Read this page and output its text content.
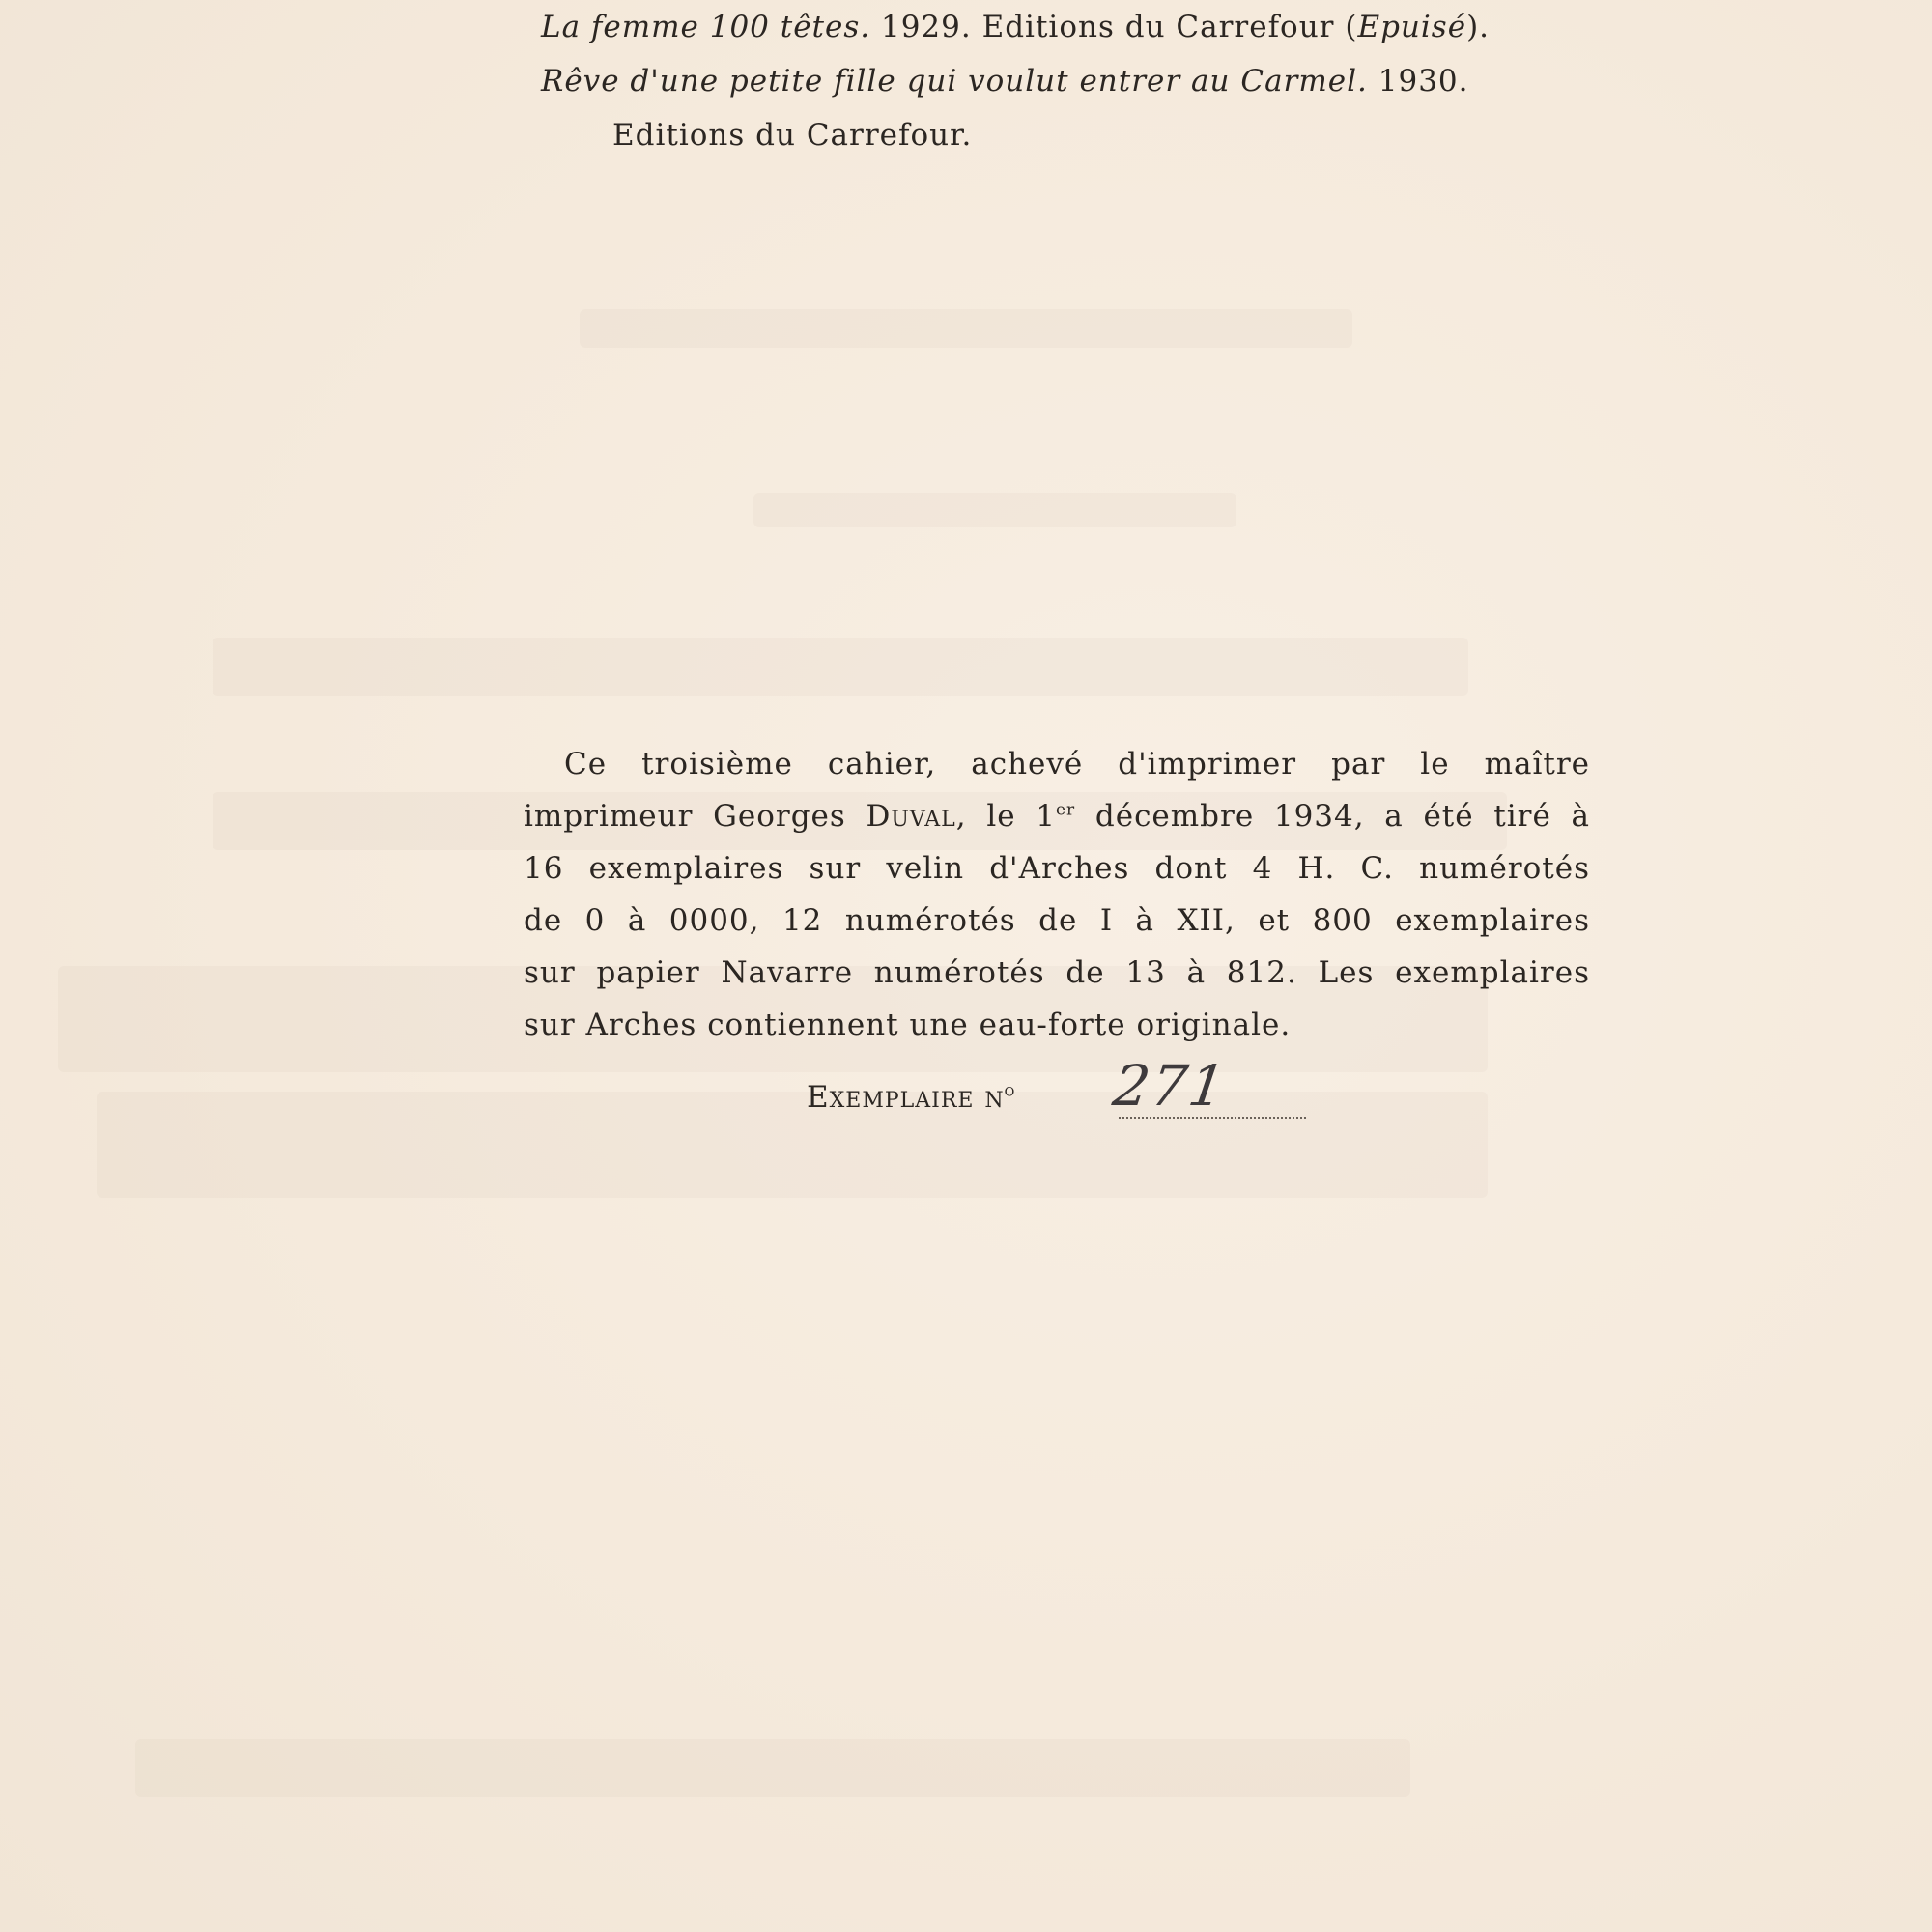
La femme 100 têtes. 1929. Editions du Carrefour (Epuisé).

Rêve d'une petite fille qui voulut entrer au Carmel. 1930.

Editions du Carrefour.

Ce troisième cahier, achevé d'imprimer par le maître
imprimeur Georges Duval, le 1er décembre 1934, a été tiré à
16 exemplaires sur velin d'Arches dont 4 H. C. numérotés
de 0 à 0000, 12 numérotés de I à XII, et 800 exemplaires
sur papier Navarre numérotés de 13 à 812. Les exemplaires
sur Arches contiennent une eau-forte originale.
Exemplaire $n^o$ 271
